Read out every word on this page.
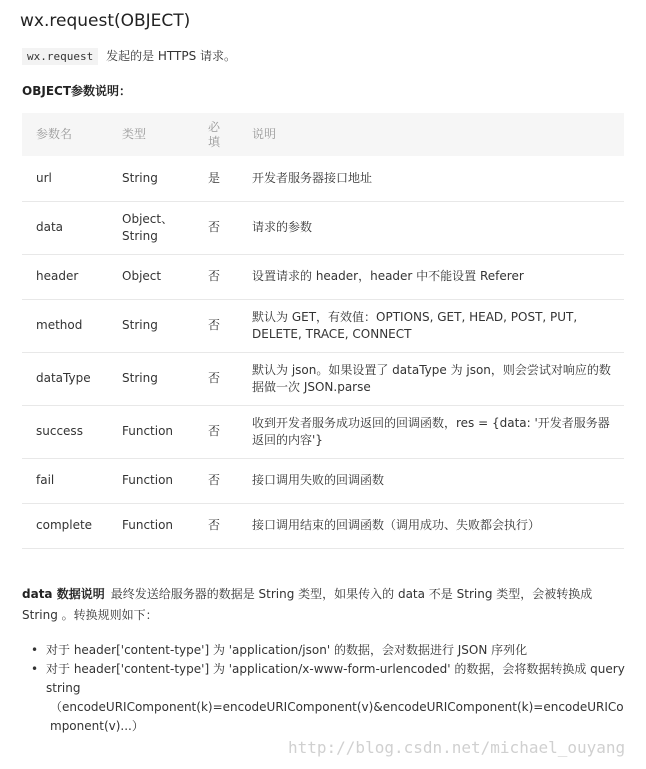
wx.request(OBJECT)
wx.request 发起的是 HTTPS 请求。
OBJECT参数说明：
参数名	类型	必填	说明
url	String	是	开发者服务器接口地址
data	Object、String	否	请求的参数
header	Object	否	设置请求的 header，header 中不能设置 Referer
method	String	否	默认为 GET，有效值：OPTIONS, GET, HEAD, POST, PUT, DELETE, TRACE, CONNECT
dataType	String	否	默认为 json。如果设置了 dataType 为 json，则会尝试对响应的数据做一次 JSON.parse
success	Function	否	收到开发者服务成功返回的回调函数，res = {data: '开发者服务器返回的内容'}
fail	Function	否	接口调用失败的回调函数
complete	Function	否	接口调用结束的回调函数（调用成功、失败都会执行）
data 数据说明 最终发送给服务器的数据是 String 类型，如果传入的 data 不是 String 类型，会被转换成 String 。转换规则如下：
• 对于 header['content-type'] 为 'application/json' 的数据，会对数据进行 JSON 序列化
• 对于 header['content-type'] 为 'application/x-www-form-urlencoded' 的数据，会将数据转换成 query string
（encodeURIComponent(k)=encodeURIComponent(v)&encodeURIComponent(k)=encodeURIComponent(v)...）
http://blog.csdn.net/michael_ouyang
